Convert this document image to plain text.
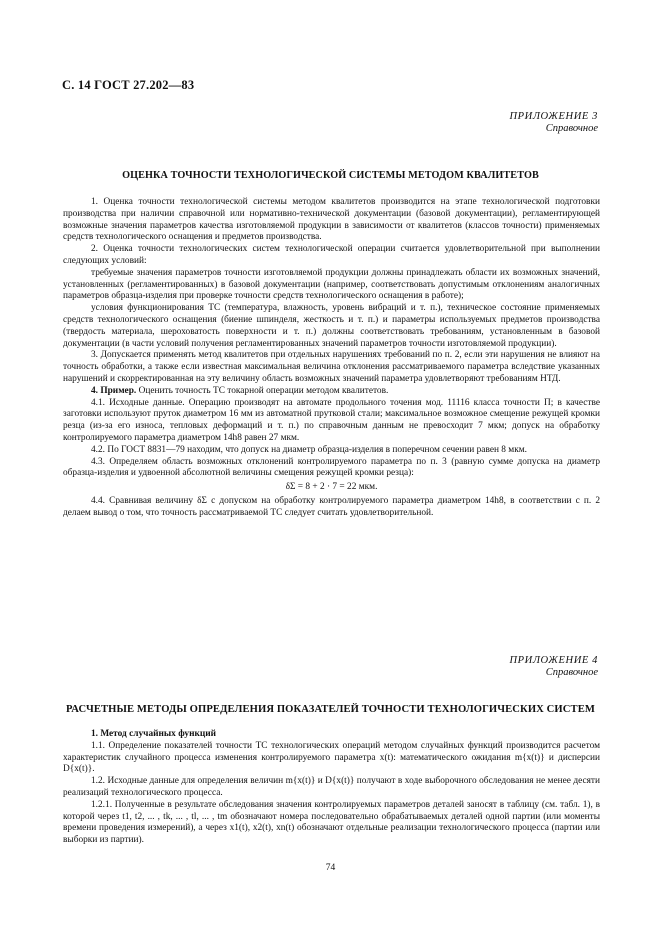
С. 14 ГОСТ 27.202—83
ПРИЛОЖЕНИЕ 3
Справочное
ОЦЕНКА ТОЧНОСТИ ТЕХНОЛОГИЧЕСКОЙ СИСТЕМЫ МЕТОДОМ КВАЛИТЕТОВ

1. Оценка точности технологической системы методом квалитетов производится на этапе технологической подготовки производства при наличии справочной или нормативно-технической документации (базовой документации), регламентирующей возможные значения параметров качества изготовляемой продукции в зависимости от квалитетов (классов точности) применяемых средств технологического оснащения и предметов производства.

2. Оценка точности технологических систем технологической операции считается удовлетворительной при выполнении следующих условий:

требуемые значения параметров точности изготовляемой продукции должны принадлежать области их возможных значений, установленных (регламентированных) в базовой документации (например, соответствовать допустимым отклонениям аналогичных параметров образца-изделия при проверке точности средств технологического оснащения в работе);

условия функционирования ТС (температура, влажность, уровень вибраций и т. п.), техническое состояние применяемых средств технологического оснащения (биение шпинделя, жесткость и т. п.) и параметры используемых предметов производства (твердость материала, шероховатость поверхности и т. п.) должны соответствовать требованиям, установленным в базовой документации (в части условий получения регламентированных значений параметров точности изготовляемой продукции).

3. Допускается применять метод квалитетов при отдельных нарушениях требований по п. 2, если эти нарушения не влияют на точность обработки, а также если известная максимальная величина отклонения рассматриваемого параметра вследствие указанных нарушений и скорректированная на эту величину область возможных значений параметра удовлетворяют требованиям НТД.

4. Пример. Оценить точность ТС токарной операции методом квалитетов.

4.1. Исходные данные. Операцию производят на автомате продольного точения мод. 11116 класса точности П; в качестве заготовки используют пруток диаметром 16 мм из автоматной прутковой стали; максимальное возможное смещение режущей кромки резца (из-за его износа, тепловых деформаций и т. п.) по справочным данным не превосходит 7 мкм; допуск на обработку контролируемого параметра диаметром 14h8 равен 27 мкм.

4.2. По ГОСТ 8831—79 находим, что допуск на диаметр образца-изделия в поперечном сечении равен 8 мкм.

4.3. Определяем область возможных отклонений контролируемого параметра по п. 3 (равную сумме допуска на диаметр образца-изделия и удвоенной абсолютной величины смещения режущей кромки резца):

δΣ = 8 + 2 · 7 = 22 мкм.

4.4. Сравнивая величину δΣ с допуском на обработку контролируемого параметра диаметром 14h8, в соответствии с п. 2 делаем вывод о том, что точность рассматриваемой ТС следует считать удовлетворительной.

ПРИЛОЖЕНИЕ 4
Справочное
РАСЧЕТНЫЕ МЕТОДЫ ОПРЕДЕЛЕНИЯ ПОКАЗАТЕЛЕЙ ТОЧНОСТИ ТЕХНОЛОГИЧЕСКИХ СИСТЕМ

1. Метод случайных функций

1.1. Определение показателей точности ТС технологических операций методом случайных функций производится расчетом характеристик случайного процесса изменения контролируемого параметра x(t): математического ожидания m{x(t)} и дисперсии D{x(t)}.

1.2. Исходные данные для определения величин m{x(t)} и D{x(t)} получают в ходе выборочного обследования не менее десяти реализаций технологического процесса.

1.2.1. Полученные в результате обследования значения контролируемых параметров деталей заносят в таблицу (см. табл. 1), в которой через t1, t2, ... , tk, ... , tl, ... , tm обозначают номера последовательно обрабатываемых деталей одной партии (или моменты времени проведения измерений), а через x1(t), x2(t), xn(t) обозначают отдельные реализации технологического процесса (партии или выборки из партии).

74
